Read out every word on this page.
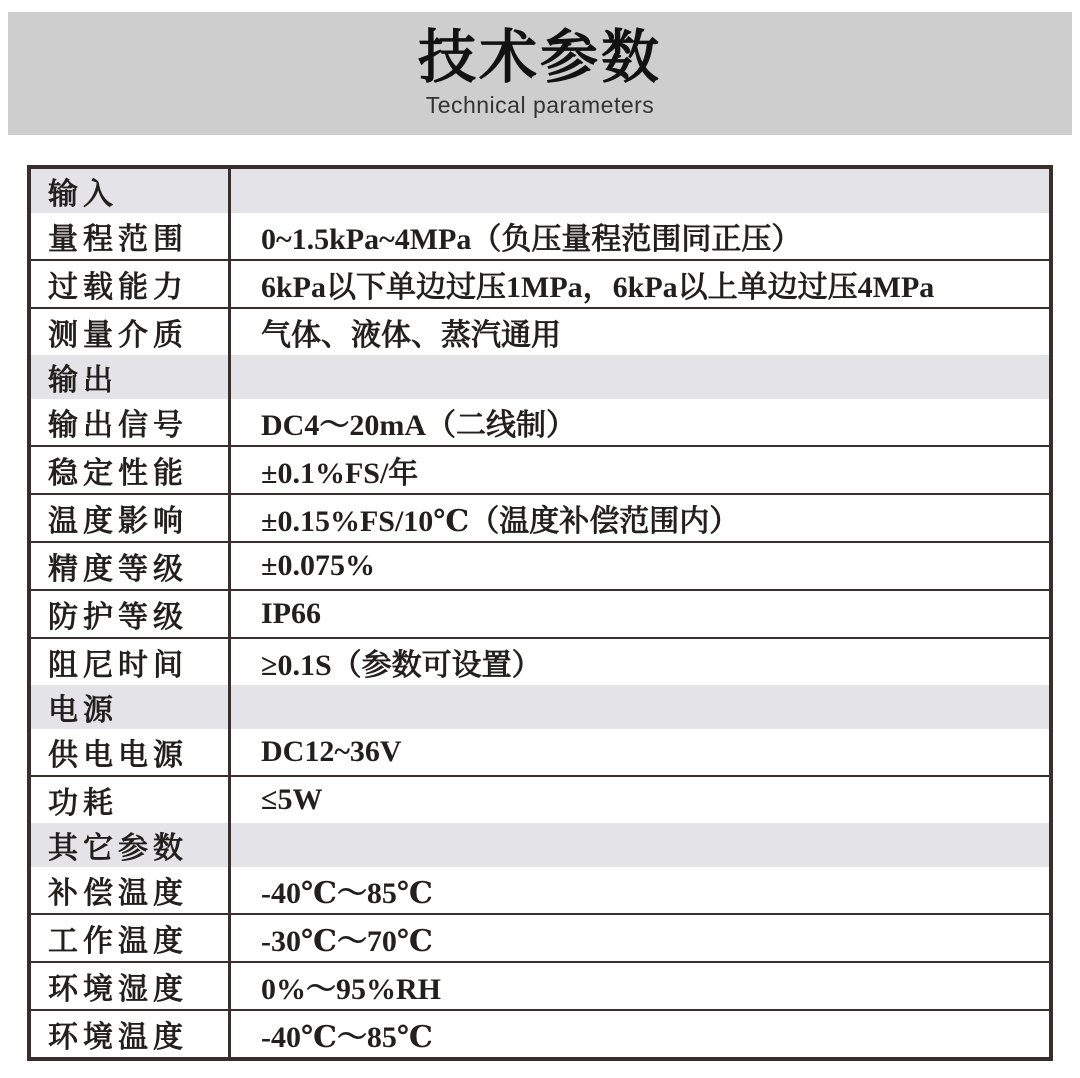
技术参数
Technical parameters
输入
量程范围	0~1.5kPa~4MPa（负压量程范围同正压）
过载能力	6kPa以下单边过压1MPa，6kPa以上单边过压4MPa
测量介质	气体、液体、蒸汽通用
输出
输出信号	DC4～20mA（二线制）
稳定性能	±0.1%FS/年
温度影响	±0.15%FS/10℃（温度补偿范围内）
精度等级	±0.075%
防护等级	IP66
阻尼时间	≥0.1S（参数可设置）
电源
供电电源	DC12~36V
功耗	≤5W
其它参数
补偿温度	-40℃～85℃
工作温度	-30℃～70℃
环境湿度	0%～95%RH
环境温度	-40℃～85℃
